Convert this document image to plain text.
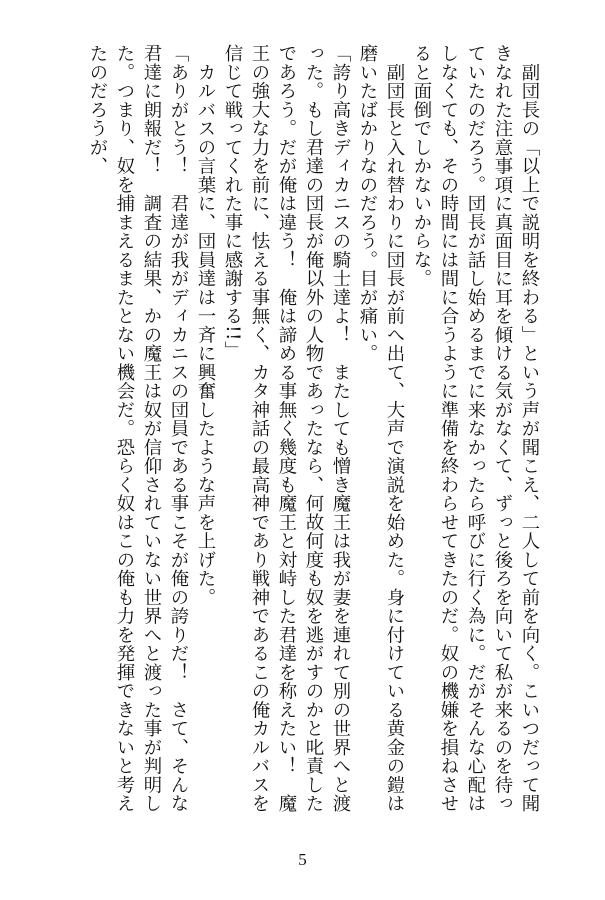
　副団長の「以上で説明を終わる」という声が聞こえ、二人して前を向く。こいつだって聞きなれた注意事項に真面目に耳を傾ける気がなくて、ずっと後ろを向いて私が来るのを待っていたのだろう。団長が話し始めるまでに来なかったら呼びに行く為に。だがそんな心配はしなくても、その時間には間に合うように準備を終わらせてきたのだ。奴の機嫌を損ねさせると面倒でしかないからな。

　副団長と入れ替わりに団長が前へ出て、大声で演説を始めた。身に付けている黄金の鎧は磨いたばかりなのだろう。目が痛い。

「誇り高きディカニスの騎士達よ！　またしても憎き魔王は我が妻を連れて別の世界へと渡った。もし君達の団長が俺以外の人物であったなら、何故何度も奴を逃がすのかと叱責したであろう。だが俺は違う！　俺は諦める事無く幾度も魔王と対峙した君達を称えたい！　魔王の強大な力を前に、怯える事無く、カタ神話の最高神であり戦神であるこの俺カルバスを信じて戦ってくれた事に感謝する!!」

　カルバスの言葉に、団員達は一斉に興奮したような声を上げた。

「ありがとう！　君達が我がディカニスの団員である事こそが俺の誇りだ！　さて、そんな君達に朗報だ！　調査の結果、かの魔王は奴が信仰されていない世界へと渡った事が判明した。つまり、奴を捕まえるまたとない機会だ。恐らく奴はこの俺も力を発揮できないと考えたのだろうが、

5
